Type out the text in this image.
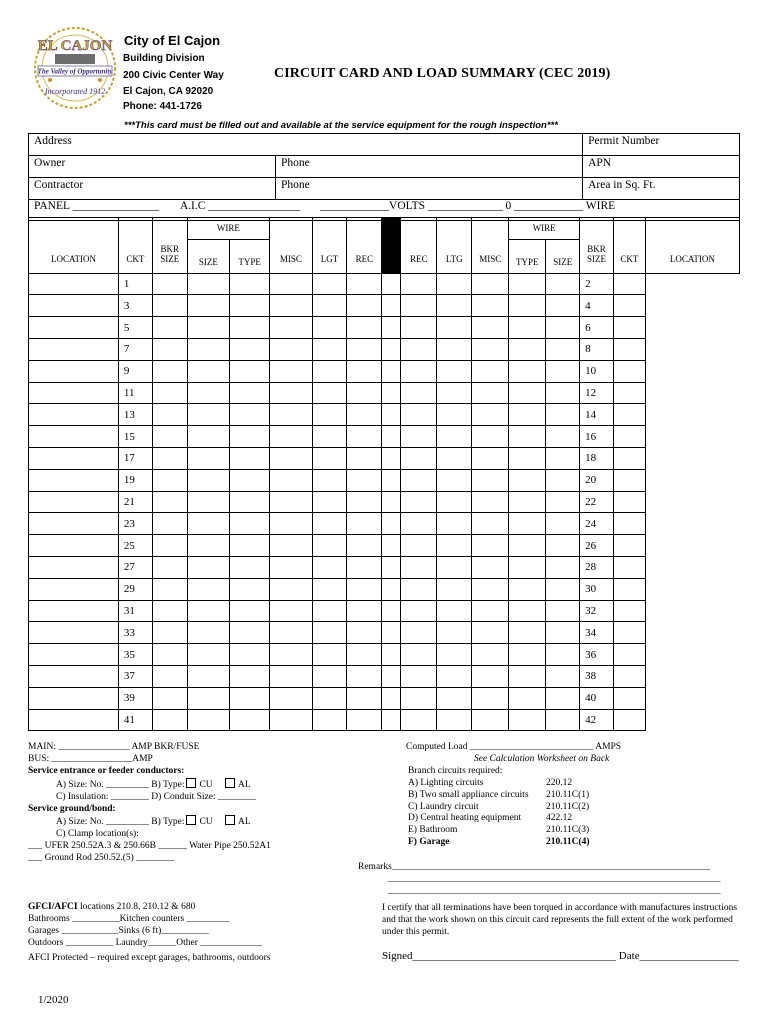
EL CAJON
The Valley of Opportunity
Incorporated 1912
City of El Cajon
Building Division
200 Civic Center Way
El Cajon, CA 92020
Phone: 441-1726
CIRCUIT CARD AND LOAD SUMMARY (CEC 2019)
***This card must be filled out and available at the service equipment for the rough inspection***
Address		Permit Number
Owner	Phone	APN
Contractor	Phone	Area in Sq. Ft.
PANEL _______________ A.I.C ________________ ____________VOLTS _____________ 0 ____________ WIRE		
LOCATION	CKT	BKR SIZE	WIRE		MISC	LGT	REC		REC	LTG	MISC	WIRE		BKR SIZE	CKT	LOCATION
			SIZE	TYPE								TYPE	SIZE			
	1													2		
	3													4		
	5													6		
	7													8		
	9													10		
	11													12		
	13													14		
	15													16		
	17													18		
	19													20		
	21													22		
	23													24		
	25													26		
	27													28		
	29													30		
	31													32		
	33													34		
	35													36		
	37													38		
	39													40		
	41													42		
MAIN: _______________ AMP BKR/FUSE
BUS: _________________AMP
Service entrance or feeder conductors:
A) Size: No. _________ B) Type: CU	AL
C) Insulation: ________ D) Conduit Size: ________
Service ground/bond:
A) Size: No. _________ B) Type: CU	AL
C) Clamp location(s):
___ UFER 250.52A.3 & 250.66B ______ Water Pipe 250.52A1
___ Ground Rod 250.52.(5) ________
Computed Load __________________________ AMPS
See Calculation Worksheet on Back
Branch circuits required:
A) Lighting circuits	220.12
B) Two small appliance circuits	210.11C(1)
C) Laundry circuit	210.11C(2)
D) Central heating equipment	422.12
E) Bathroom	210.11C(3)
F) Garage	210.11C(4)
Remarks___________________________________________________________________
______________________________________________________________________
______________________________________________________________________
GFCI/AFCI locations 210.8, 210.12 & 680
Bathrooms __________Kitchen counters _________
Garages ____________Sinks (6 ft)__________
Outdoors __________ Laundry______Other _____________
AFCI Protected – required except garages, bathrooms, outdoors
I certify that all terminations have been torqued in accordance with manufactures instructions and that the work shown on this circuit card represents the full extent of the work performed under this permit.
Signed_____________________________________ Date__________________
1/2020
